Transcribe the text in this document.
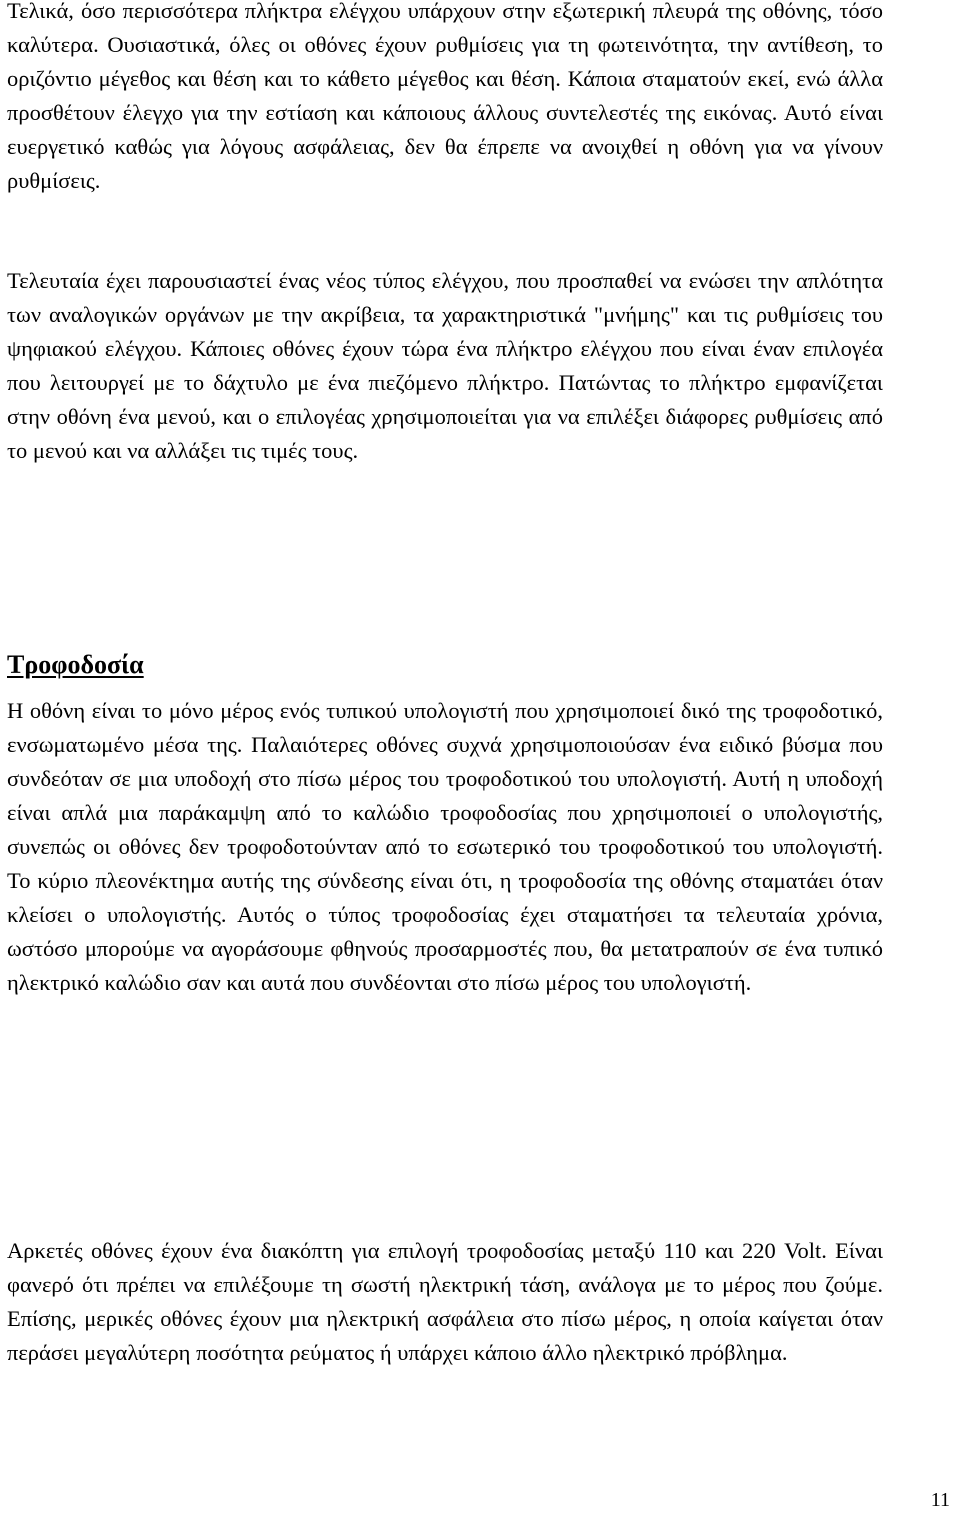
Τελικά, όσο περισσότερα πλήκτρα ελέγχου υπάρχουν στην εξωτερική πλευρά της οθόνης, τόσο καλύτερα. Ουσιαστικά, όλες οι οθόνες έχουν ρυθμίσεις για τη φωτεινότητα, την αντίθεση, το οριζόντιο μέγεθος και θέση και το κάθετο μέγεθος και θέση. Κάποια σταματούν εκεί, ενώ άλλα προσθέτουν έλεγχο για την εστίαση και κάποιους άλλους συντελεστές της εικόνας. Αυτό είναι ευεργετικό καθώς για λόγους ασφάλειας, δεν θα έπρεπε να ανοιχθεί η οθόνη για να γίνουν ρυθμίσεις.

Τελευταία έχει παρουσιαστεί ένας νέος τύπος ελέγχου, που προσπαθεί να ενώσει την απλότητα των αναλογικών οργάνων με την ακρίβεια, τα χαρακτηριστικά "μνήμης" και τις ρυθμίσεις του ψηφιακού ελέγχου. Κάποιες οθόνες έχουν τώρα ένα πλήκτρο ελέγχου που είναι έναν επιλογέα που λειτουργεί με το δάχτυλο με ένα πιεζόμενο πλήκτρο. Πατώντας το πλήκτρο εμφανίζεται στην οθόνη ένα μενού, και ο επιλογέας χρησιμοποιείται για να επιλέξει διάφορες ρυθμίσεις από το μενού και να αλλάξει τις τιμές τους.

Τροφοδοσία

Η οθόνη είναι το μόνο μέρος ενός τυπικού υπολογιστή που χρησιμοποιεί δικό της τροφοδοτικό, ενσωματωμένο μέσα της. Παλαιότερες οθόνες συχνά χρησιμοποιούσαν ένα ειδικό βύσμα που συνδεόταν σε μια υποδοχή στο πίσω μέρος του τροφοδοτικού του υπολογιστή. Αυτή η υποδοχή είναι απλά μια παράκαμψη από το καλώδιο τροφοδοσίας που χρησιμοποιεί ο υπολογιστής, συνεπώς οι οθόνες δεν τροφοδοτούνταν από το εσωτερικό του τροφοδοτικού του υπολογιστή. Το κύριο πλεονέκτημα αυτής της σύνδεσης είναι ότι, η τροφοδοσία της οθόνης σταματάει όταν κλείσει ο υπολογιστής. Αυτός ο τύπος τροφοδοσίας έχει σταματήσει τα τελευταία χρόνια, ωστόσο μπορούμε να αγοράσουμε φθηνούς προσαρμοστές που, θα μετατραπούν σε ένα τυπικό ηλεκτρικό καλώδιο σαν και αυτά που συνδέονται στο πίσω μέρος του υπολογιστή.

Αρκετές οθόνες έχουν ένα διακόπτη για επιλογή τροφοδοσίας μεταξύ 110 και 220 Volt. Είναι φανερό ότι πρέπει να επιλέξουμε τη σωστή ηλεκτρική τάση, ανάλογα με το μέρος που ζούμε. Επίσης, μερικές οθόνες έχουν μια ηλεκτρική ασφάλεια στο πίσω μέρος, η οποία καίγεται όταν περάσει μεγαλύτερη ποσότητα ρεύματος ή υπάρχει κάποιο άλλο ηλεκτρικό πρόβλημα.

11
